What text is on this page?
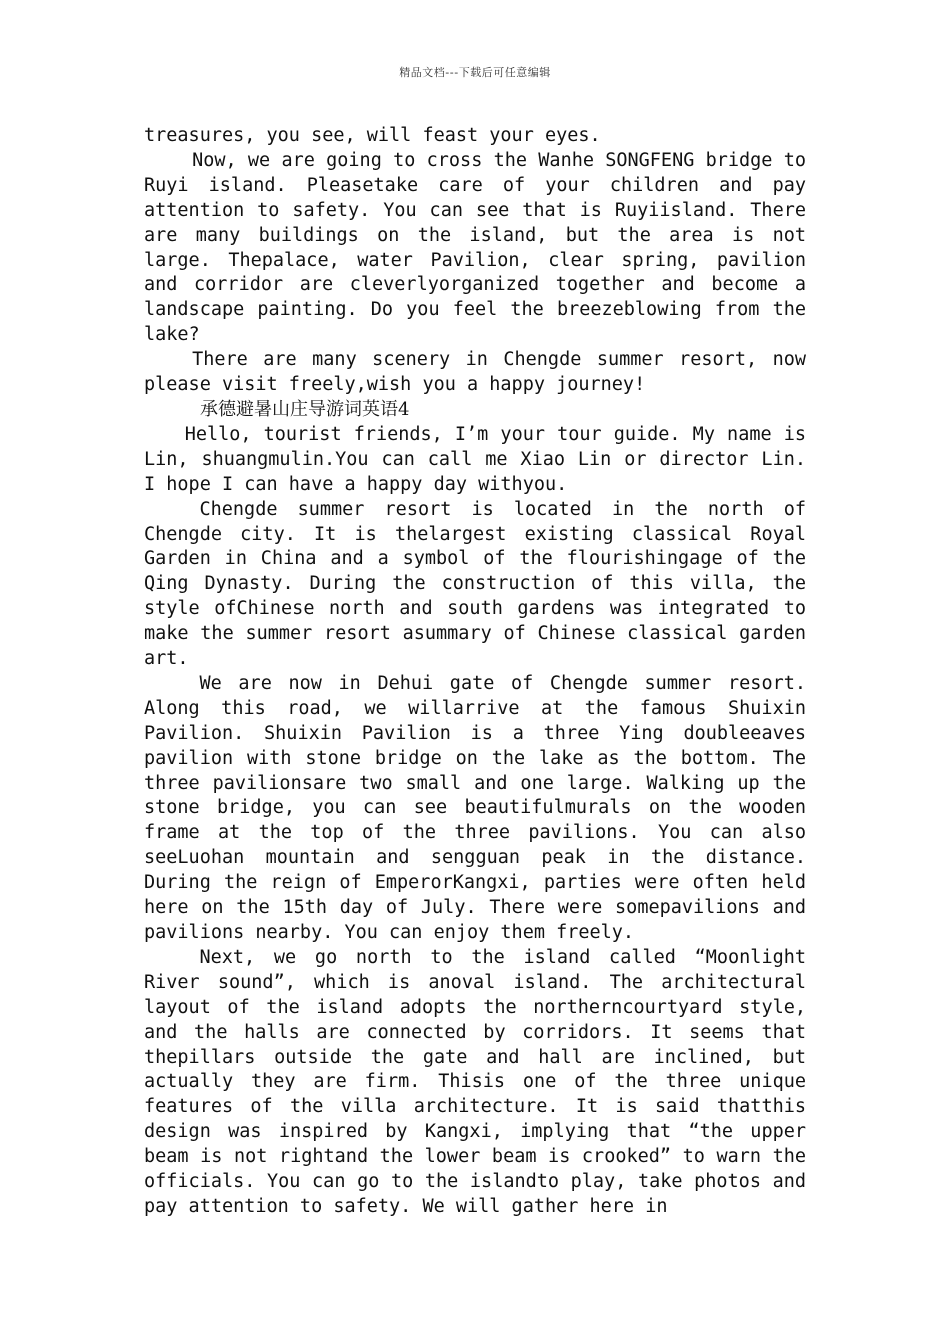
精品文档---下载后可任意编辑

treasures, you see, will feast your eyes.

Now, we are going to cross the Wanhe SONGFENG bridge to Ruyi island. Pleasetake care of your children and pay attention to safety. You can see that is Ruyiisland. There are many buildings on the island, but the area is not large. Thepalace, water Pavilion, clear spring, pavilion and corridor are cleverlyorganized together and become a landscape painting. Do you feel the breezeblowing from the lake?

There are many scenery in Chengde summer resort, now please visit freely,wish you a happy journey!

承德避暑山庄导游词英语4

Hello, tourist friends, I’m your tour guide. My name is Lin, shuangmulin.You can call me Xiao Lin or director Lin. I hope I can have a happy day withyou.

Chengde summer resort is located in the north of Chengde city. It is thelargest existing classical Royal Garden in China and a symbol of the flourishingage of the Qing Dynasty. During the construction of this villa, the style ofChinese north and south gardens was integrated to make the summer resort asummary of Chinese classical garden art.

We are now in Dehui gate of Chengde summer resort. Along this road, we willarrive at the famous Shuixin Pavilion. Shuixin Pavilion is a three Ying doubleeaves pavilion with stone bridge on the lake as the bottom. The three pavilionsare two small and one large. Walking up the stone bridge, you can see beautifulmurals on the wooden frame at the top of the three pavilions. You can also seeLuohan mountain and sengguan peak in the distance. During the reign of EmperorKangxi, parties were often held here on the 15th day of July. There were somepavilions and pavilions nearby. You can enjoy them freely.

Next, we go north to the island called “Moonlight River sound”, which is anoval island. The architectural layout of the island adopts the northerncourtyard style, and the halls are connected by corridors. It seems that thepillars outside the gate and hall are inclined, but actually they are firm. Thisis one of the three unique features of the villa architecture. It is said thatthis design was inspired by Kangxi, implying that “the upper beam is not rightand the lower beam is crooked” to warn the officials. You can go to the islandto play, take photos and pay attention to safety. We will gather here in
